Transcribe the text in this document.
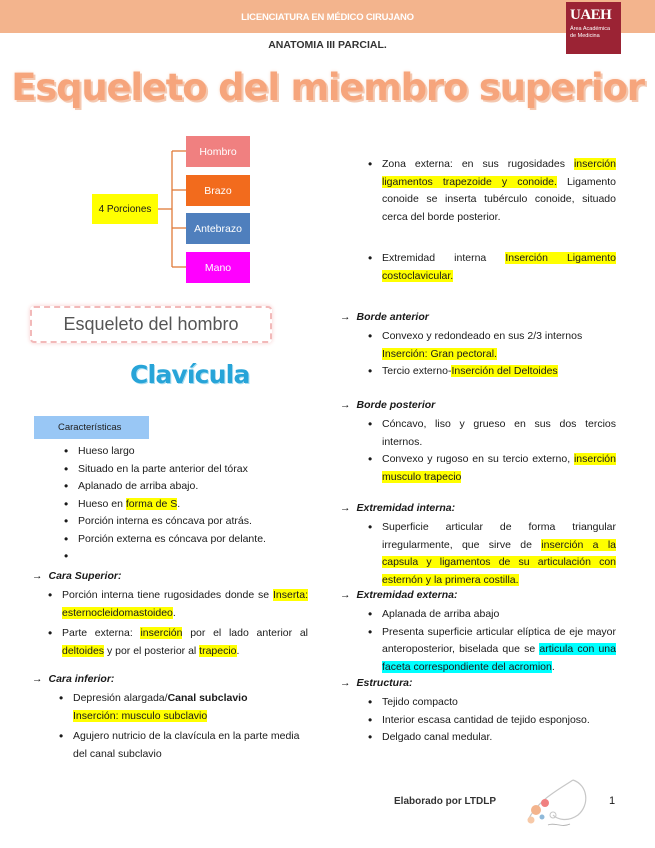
LICENCIATURA EN MÉDICO CIRUJANO	UAEH
Área Académica
de Medicina
ANATOMIA III PARCIAL.
Esqueleto del miembro superior
4 Porciones
Hombro
Brazo
Antebrazo
Mano
Esqueleto del hombro
Clavícula
Características
• Hueso largo
• Situado en la parte anterior del tórax
• Aplanado de arriba abajo.
• Hueso en forma de S.
• Porción interna es cóncava por atrás.
• Porción externa es cóncava por delante.
•
→ Cara Superior:
• Porción interna tiene rugosidades donde se Inserta: esternocleidomastoideo.
• Parte externa: inserción por el lado anterior al deltoides y por el posterior al trapecio.
→ Cara inferior:
• Depresión alargada/Canal subclavio
Inserción: musculo subclavio
• Agujero nutricio de la clavícula en la parte media del canal subclavio
• Zona externa: en sus rugosidades inserción ligamentos trapezoide y conoide. Ligamento conoide se inserta tubérculo conoide, situado cerca del borde posterior.
• Extremidad interna Inserción Ligamento costoclavicular.
→ Borde anterior
• Convexo y redondeado en sus 2/3 internos
Inserción: Gran pectoral.
• Tercio externo-Inserción del Deltoides
→ Borde posterior
• Cóncavo, liso y grueso en sus dos tercios internos.
• Convexo y rugoso en su tercio externo, inserción musculo trapecio
→ Extremidad interna:
• Superficie articular de forma triangular irregularmente, que sirve de inserción a la capsula y ligamentos de su articulación con esternón y la primera costilla.
→ Extremidad externa:
• Aplanada de arriba abajo
• Presenta superficie articular elíptica de eje mayor anteroposterior, biselada que se articula con una faceta correspondiente del acromion.
→ Estructura:
• Tejido compacto
• Interior escasa cantidad de tejido esponjoso.
• Delgado canal medular.
Elaborado por LTDLP	1
